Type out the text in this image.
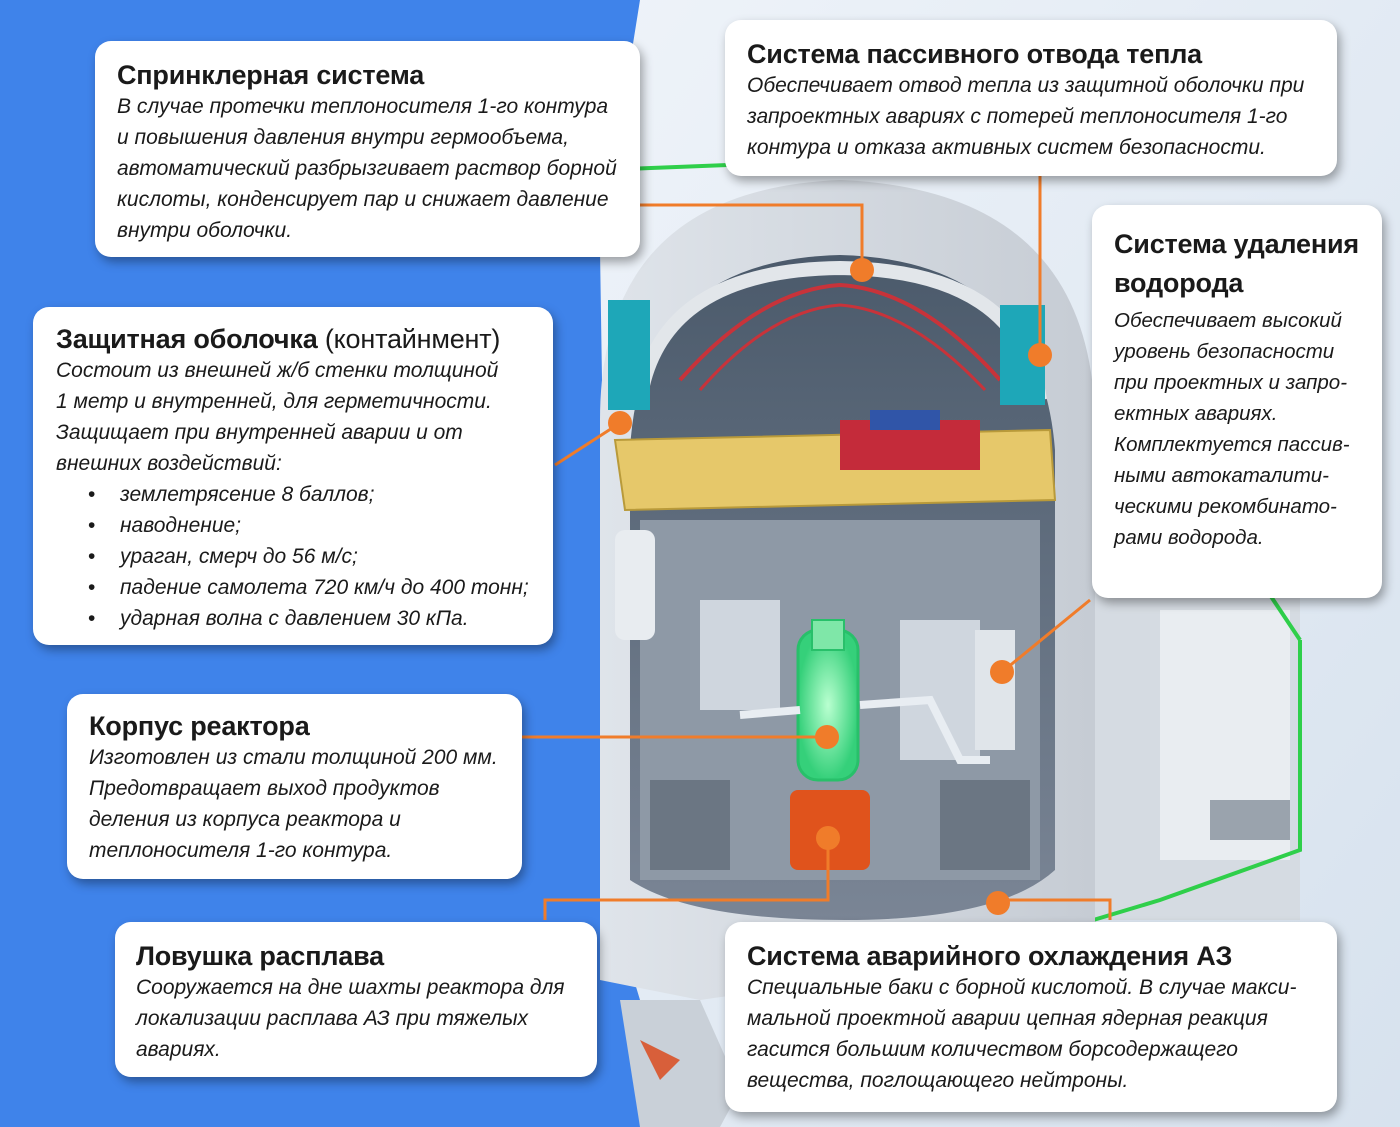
Спринклерная система

В случае протечки теплоносителя 1-го контура и повышения давления внутри гермообъема, автоматический разбрызгивает раствор борной кислоты, конденсирует пар и снижает давление внутри оболочки.

Система пассивного отвода тепла

Обеспечивает отвод тепла из защитной оболочки при запроектных авариях с потерей теплоносителя 1-го контура и отказа активных систем безопасности.

Система удаления водорода

Обеспечивает высокий уровень безопасности при проектных и запро-ектных авариях. Комплектуется пассив-ными автокаталити-ческими рекомбинато-рами водорода.

Защитная оболочка (контайнмент)

Состоит из внешней ж/б стенки толщиной 1 метр и внутренней, для герметичности. Защищает при внутренней аварии и от внешних воздействий:

• землетрясение 8 баллов;
• наводнение;
• ураган, смерч до 56 м/с;
• падение самолета 720 км/ч до 400 тонн;
• ударная волна с давлением 30 кПа.
Корпус реактора

Изготовлен из стали толщиной 200 мм. Предотвращает выход продуктов деления из корпуса реактора и теплоносителя 1-го контура.

Ловушка расплава

Сооружается на дне шахты реактора для локализации расплава АЗ при тяжелых авариях.

Система аварийного охлаждения АЗ

Специальные баки с борной кислотой. В случае макси-мальной проектной аварии цепная ядерная реакция гасится большим количеством борсодержащего вещества, поглощающего нейтроны.
